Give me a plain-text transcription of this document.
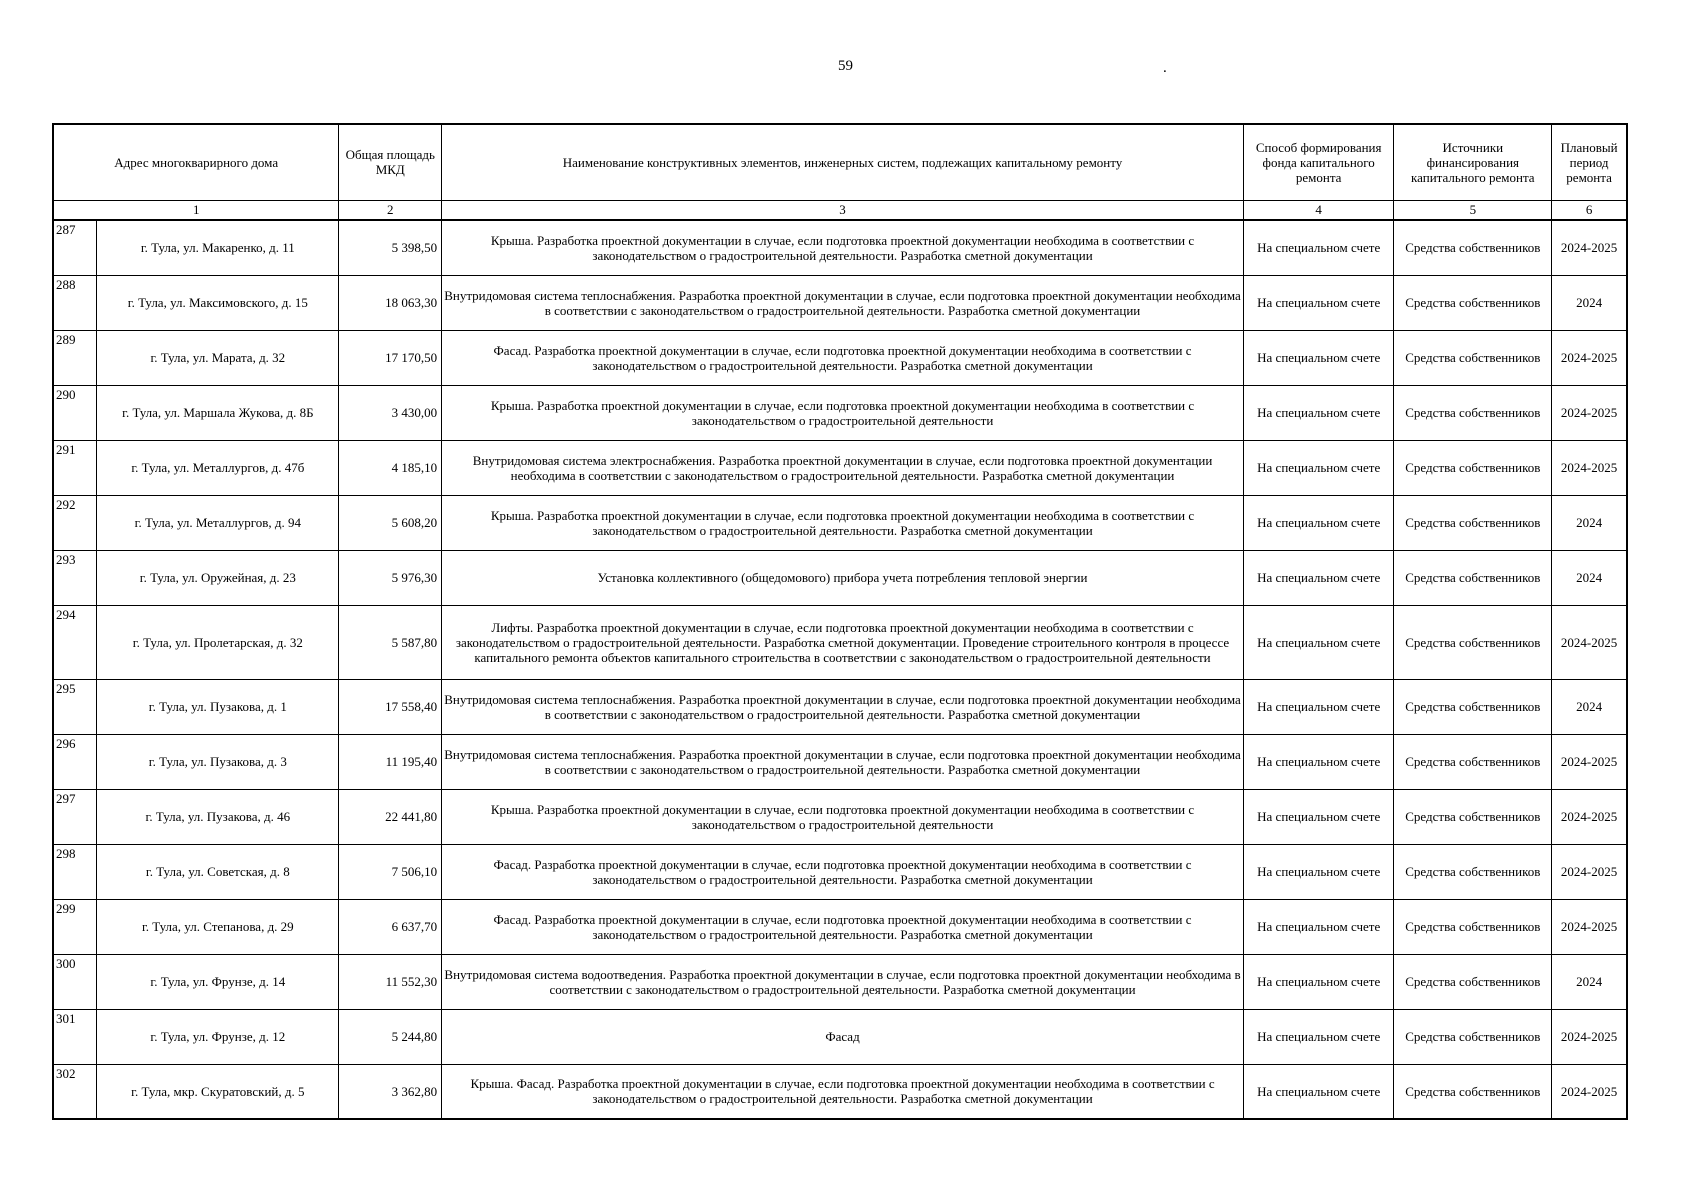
59	.
Адрес многокварирного дома		Общая площадь МКД	Наименование конструктивных элементов, инженерных систем, подлежащих капитальному ремонту	Способ формирования фонда капитального ремонта	Источники финансирования капитального ремонта	Плановый период ремонта
1		2	3	4	5	6
287	г. Тула, ул. Макаренко, д. 11	5 398,50	Крыша. Разработка проектной документации в случае, если подготовка проектной документации необходима в соответствии с законодательством о градостроительной деятельности. Разработка сметной документации	На специальном счете	Средства собственников	2024-2025
288	г. Тула, ул. Максимовского, д. 15	18 063,30	Внутридомовая система теплоснабжения. Разработка проектной документации в случае, если подготовка проектной документации необходима в соответствии с законодательством о градостроительной деятельности. Разработка сметной документации	На специальном счете	Средства собственников	2024
289	г. Тула, ул. Марата, д. 32	17 170,50	Фасад. Разработка проектной документации в случае, если подготовка проектной документации необходима в соответствии с законодательством о градостроительной деятельности. Разработка сметной документации	На специальном счете	Средства собственников	2024-2025
290	г. Тула, ул. Маршала Жукова, д. 8Б	3 430,00	Крыша. Разработка проектной документации в случае, если подготовка проектной документации необходима в соответствии с законодательством о градостроительной деятельности	На специальном счете	Средства собственников	2024-2025
291	г. Тула, ул. Металлургов, д. 47б	4 185,10	Внутридомовая система электроснабжения. Разработка проектной документации в случае, если подготовка проектной документации необходима в соответствии с законодательством о градостроительной деятельности. Разработка сметной документации	На специальном счете	Средства собственников	2024-2025
292	г. Тула, ул. Металлургов, д. 94	5 608,20	Крыша. Разработка проектной документации в случае, если подготовка проектной документации необходима в соответствии с законодательством о градостроительной деятельности. Разработка сметной документации	На специальном счете	Средства собственников	2024
293	г. Тула, ул. Оружейная, д. 23	5 976,30	Установка коллективного (общедомового) прибора учета потребления тепловой энергии	На специальном счете	Средства собственников	2024
294	г. Тула, ул. Пролетарская, д. 32	5 587,80	Лифты. Разработка проектной документации в случае, если подготовка проектной документации необходима в соответствии с законодательством о градостроительной деятельности. Разработка сметной документации. Проведение строительного контроля в процессе капитального ремонта объектов капитального строительства в соответствии с законодательством о градостроительной деятельности	На специальном счете	Средства собственников	2024-2025
295	г. Тула, ул. Пузакова, д. 1	17 558,40	Внутридомовая система теплоснабжения. Разработка проектной документации в случае, если подготовка проектной документации необходима в соответствии с законодательством о градостроительной деятельности. Разработка сметной документации	На специальном счете	Средства собственников	2024
296	г. Тула, ул. Пузакова, д. 3	11 195,40	Внутридомовая система теплоснабжения. Разработка проектной документации в случае, если подготовка проектной документации необходима в соответствии с законодательством о градостроительной деятельности. Разработка сметной документации	На специальном счете	Средства собственников	2024-2025
297	г. Тула, ул. Пузакова, д. 46	22 441,80	Крыша. Разработка проектной документации в случае, если подготовка проектной документации необходима в соответствии с законодательством о градостроительной деятельности	На специальном счете	Средства собственников	2024-2025
298	г. Тула, ул. Советская, д. 8	7 506,10	Фасад. Разработка проектной документации в случае, если подготовка проектной документации необходима в соответствии с законодательством о градостроительной деятельности. Разработка сметной документации	На специальном счете	Средства собственников	2024-2025
299	г. Тула, ул. Степанова, д. 29	6 637,70	Фасад. Разработка проектной документации в случае, если подготовка проектной документации необходима в соответствии с законодательством о градостроительной деятельности. Разработка сметной документации	На специальном счете	Средства собственников	2024-2025
300	г. Тула, ул. Фрунзе, д. 14	11 552,30	Внутридомовая система водоотведения. Разработка проектной документации в случае, если подготовка проектной документации необходима в соответствии с законодательством о градостроительной деятельности. Разработка сметной документации	На специальном счете	Средства собственников	2024
301	г. Тула, ул. Фрунзе, д. 12	5 244,80	Фасад	На специальном счете	Средства собственников	2024-2025
302	г. Тула, мкр. Скуратовский, д. 5	3 362,80	Крыша. Фасад. Разработка проектной документации в случае, если подготовка проектной документации необходима в соответствии с законодательством о градостроительной деятельности. Разработка сметной документации	На специальном счете	Средства собственников	2024-2025
